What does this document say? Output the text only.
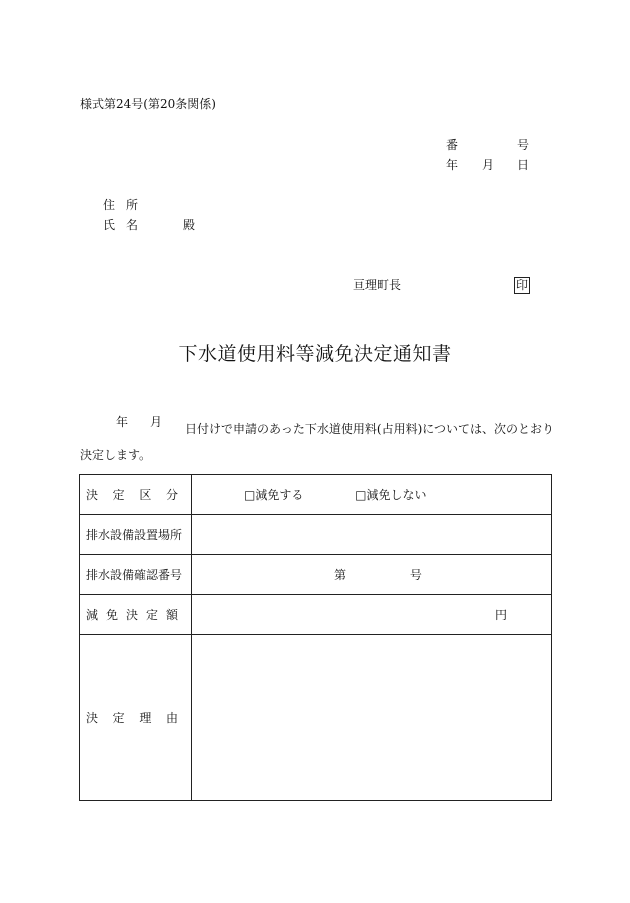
様式第24号(第20条関係)
番	号
年 月 日
住 所
氏 名	殿
亘理町長	印
下水道使用料等減免決定通知書
年 月	日付けで申請のあった下水道使用料(占用料)については、次のとおり決定します。
決 定 区 分	□減免する □減免しない
排水設備設置場所	
排水設備確認番号	第 号

減 免 決 定 額	円

決 定 理 由	
